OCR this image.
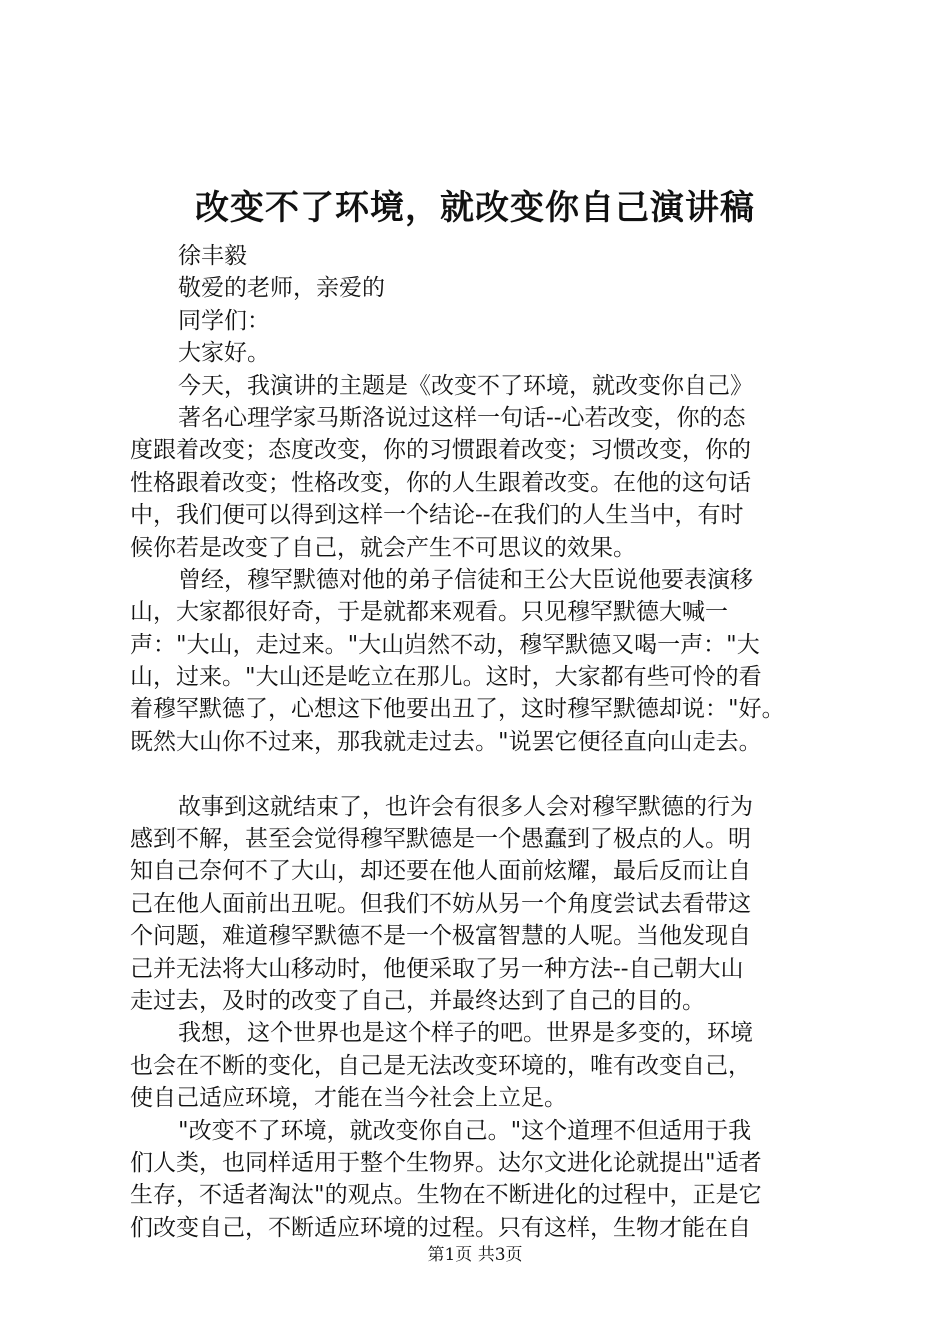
改变不了环境，就改变你自己演讲稿
徐丰毅
敬爱的老师，亲爱的
同学们：
大家好。
今天，我演讲的主题是《改变不了环境，就改变你自己》
著名心理学家马斯洛说过这样一句话--心若改变，你的态
度跟着改变；态度改变，你的习惯跟着改变；习惯改变，你的
性格跟着改变；性格改变，你的人生跟着改变。在他的这句话
中，我们便可以得到这样一个结论--在我们的人生当中，有时
候你若是改变了自己，就会产生不可思议的效果。
曾经，穆罕默德对他的弟子信徒和王公大臣说他要表演移
山，大家都很好奇，于是就都来观看。只见穆罕默德大喊一
声："大山，走过来。"大山岿然不动，穆罕默德又喝一声："大
山，过来。"大山还是屹立在那儿。这时，大家都有些可怜的看
着穆罕默德了，心想这下他要出丑了，这时穆罕默德却说："好。
既然大山你不过来，那我就走过去。"说罢它便径直向山走去。
故事到这就结束了，也许会有很多人会对穆罕默德的行为
感到不解，甚至会觉得穆罕默德是一个愚蠢到了极点的人。明
知自己奈何不了大山，却还要在他人面前炫耀，最后反而让自
己在他人面前出丑呢。但我们不妨从另一个角度尝试去看带这
个问题，难道穆罕默德不是一个极富智慧的人呢。当他发现自
己并无法将大山移动时，他便采取了另一种方法--自己朝大山
走过去，及时的改变了自己，并最终达到了自己的目的。
我想，这个世界也是这个样子的吧。世界是多变的，环境
也会在不断的变化，自己是无法改变环境的，唯有改变自己，
使自己适应环境，才能在当今社会上立足。
"改变不了环境，就改变你自己。"这个道理不但适用于我
们人类，也同样适用于整个生物界。达尔文进化论就提出"适者
生存，不适者淘汰"的观点。生物在不断进化的过程中，正是它
们改变自己，不断适应环境的过程。只有这样，生物才能在自
第1页 共3页
